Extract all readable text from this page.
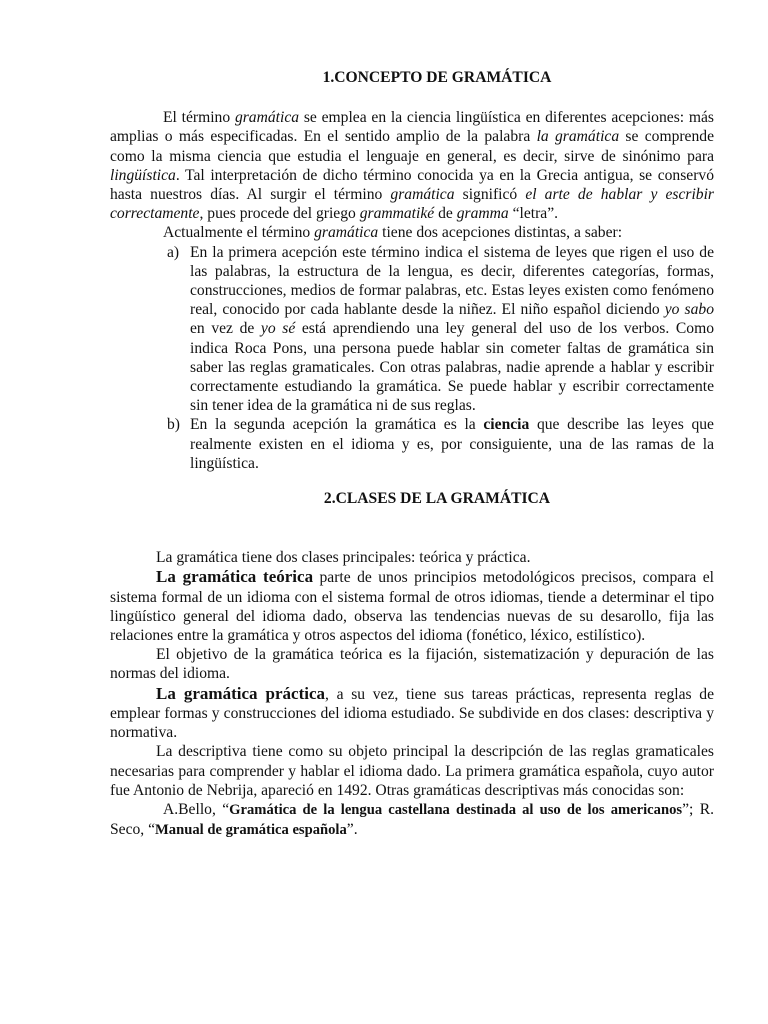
1.CONCEPTO DE GRAMÁTICA

El término gramática se emplea en la ciencia lingüística en diferentes acepciones: más amplias o más especificadas. En el sentido amplio de la palabra la gramática se comprende como la misma ciencia que estudia el lenguaje en general, es decir, sirve de sinónimo para lingüística. Tal interpretación de dicho término conocida ya en la Grecia antigua, se conservó hasta nuestros días. Al surgir el término gramática significó el arte de hablar y escribir correctamente, pues procede del griego grammatiké de gramma “letra”.

Actualmente el término gramática tiene dos acepciones distintas, a saber:

a) En la primera acepción este término indica el sistema de leyes que rigen el uso de las palabras, la estructura de la lengua, es decir, diferentes categorías, formas, construcciones, medios de formar palabras, etc. Estas leyes existen como fenómeno real, conocido por cada hablante desde la niñez. El niño español diciendo yo sabo en vez de yo sé está aprendiendo una ley general del uso de los verbos. Como indica Roca Pons, una persona puede hablar sin cometer faltas de gramática sin saber las reglas gramaticales. Con otras palabras, nadie aprende a hablar y escribir correctamente estudiando la gramática. Se puede hablar y escribir correctamente sin tener idea de la gramática ni de sus reglas.
b) En la segunda acepción la gramática es la ciencia que describe las leyes que realmente existen en el idioma y es, por consiguiente, una de las ramas de la lingüística.
2.CLASES DE LA GRAMÁTICA

La gramática tiene dos clases principales: teórica y práctica.

La gramática teórica parte de unos principios metodológicos precisos, compara el sistema formal de un idioma con el sistema formal de otros idiomas, tiende a determinar el tipo lingüístico general del idioma dado, observa las tendencias nuevas de su desarollo, fija las relaciones entre la gramática y otros aspectos del idioma (fonético, léxico, estilístico).

El objetivo de la gramática teórica es la fijación, sistematización y depuración de las normas del idioma.

La gramática práctica, a su vez, tiene sus tareas prácticas, representa reglas de emplear formas y construcciones del idioma estudiado. Se subdivide en dos clases: descriptiva y normativa.

La descriptiva tiene como su objeto principal la descripción de las reglas gramaticales necesarias para comprender y hablar el idioma dado. La primera gramática española, cuyo autor fue Antonio de Nebrija, apareció en 1492. Otras gramáticas descriptivas más conocidas son:

A.Bello, “Gramática de la lengua castellana destinada al uso de los americanos”; R. Seco, “Manual de gramática española”.
